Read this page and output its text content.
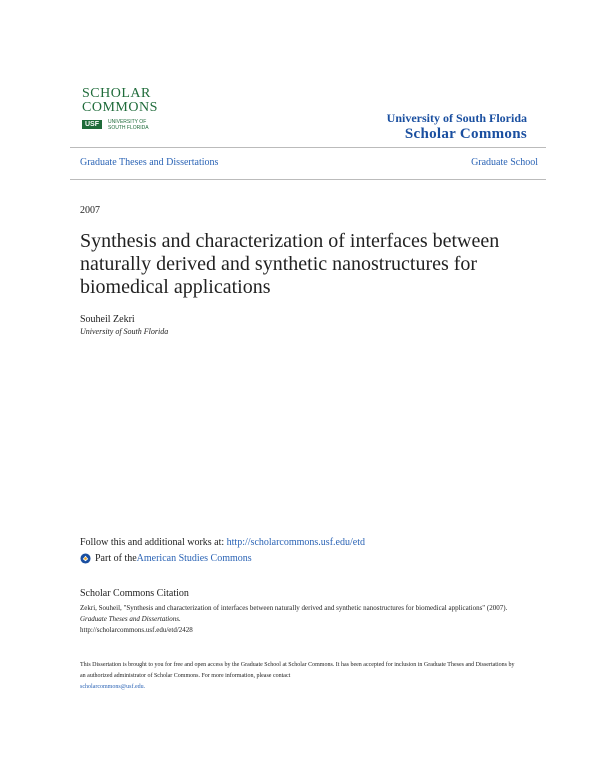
SCHOLAR
COMMONS
USF	UNIVERSITY OF
SOUTH FLORIDA
University of South Florida
Scholar Commons
Graduate Theses and Dissertations	Graduate School
2007
Synthesis and characterization of interfaces between naturally derived and synthetic nanostructures for biomedical applications
Souheil Zekri
University of South Florida
Follow this and additional works at: http://scholarcommons.usf.edu/etd
Part of the American Studies Commons
Scholar Commons Citation
Zekri, Souheil, "Synthesis and characterization of interfaces between naturally derived and synthetic nanostructures for biomedical applications" (2007). Graduate Theses and Dissertations.
http://scholarcommons.usf.edu/etd/2428
This Dissertation is brought to you for free and open access by the Graduate School at Scholar Commons. It has been accepted for inclusion in Graduate Theses and Dissertations by an authorized administrator of Scholar Commons. For more information, please contact
scholarcommons@usf.edu.
